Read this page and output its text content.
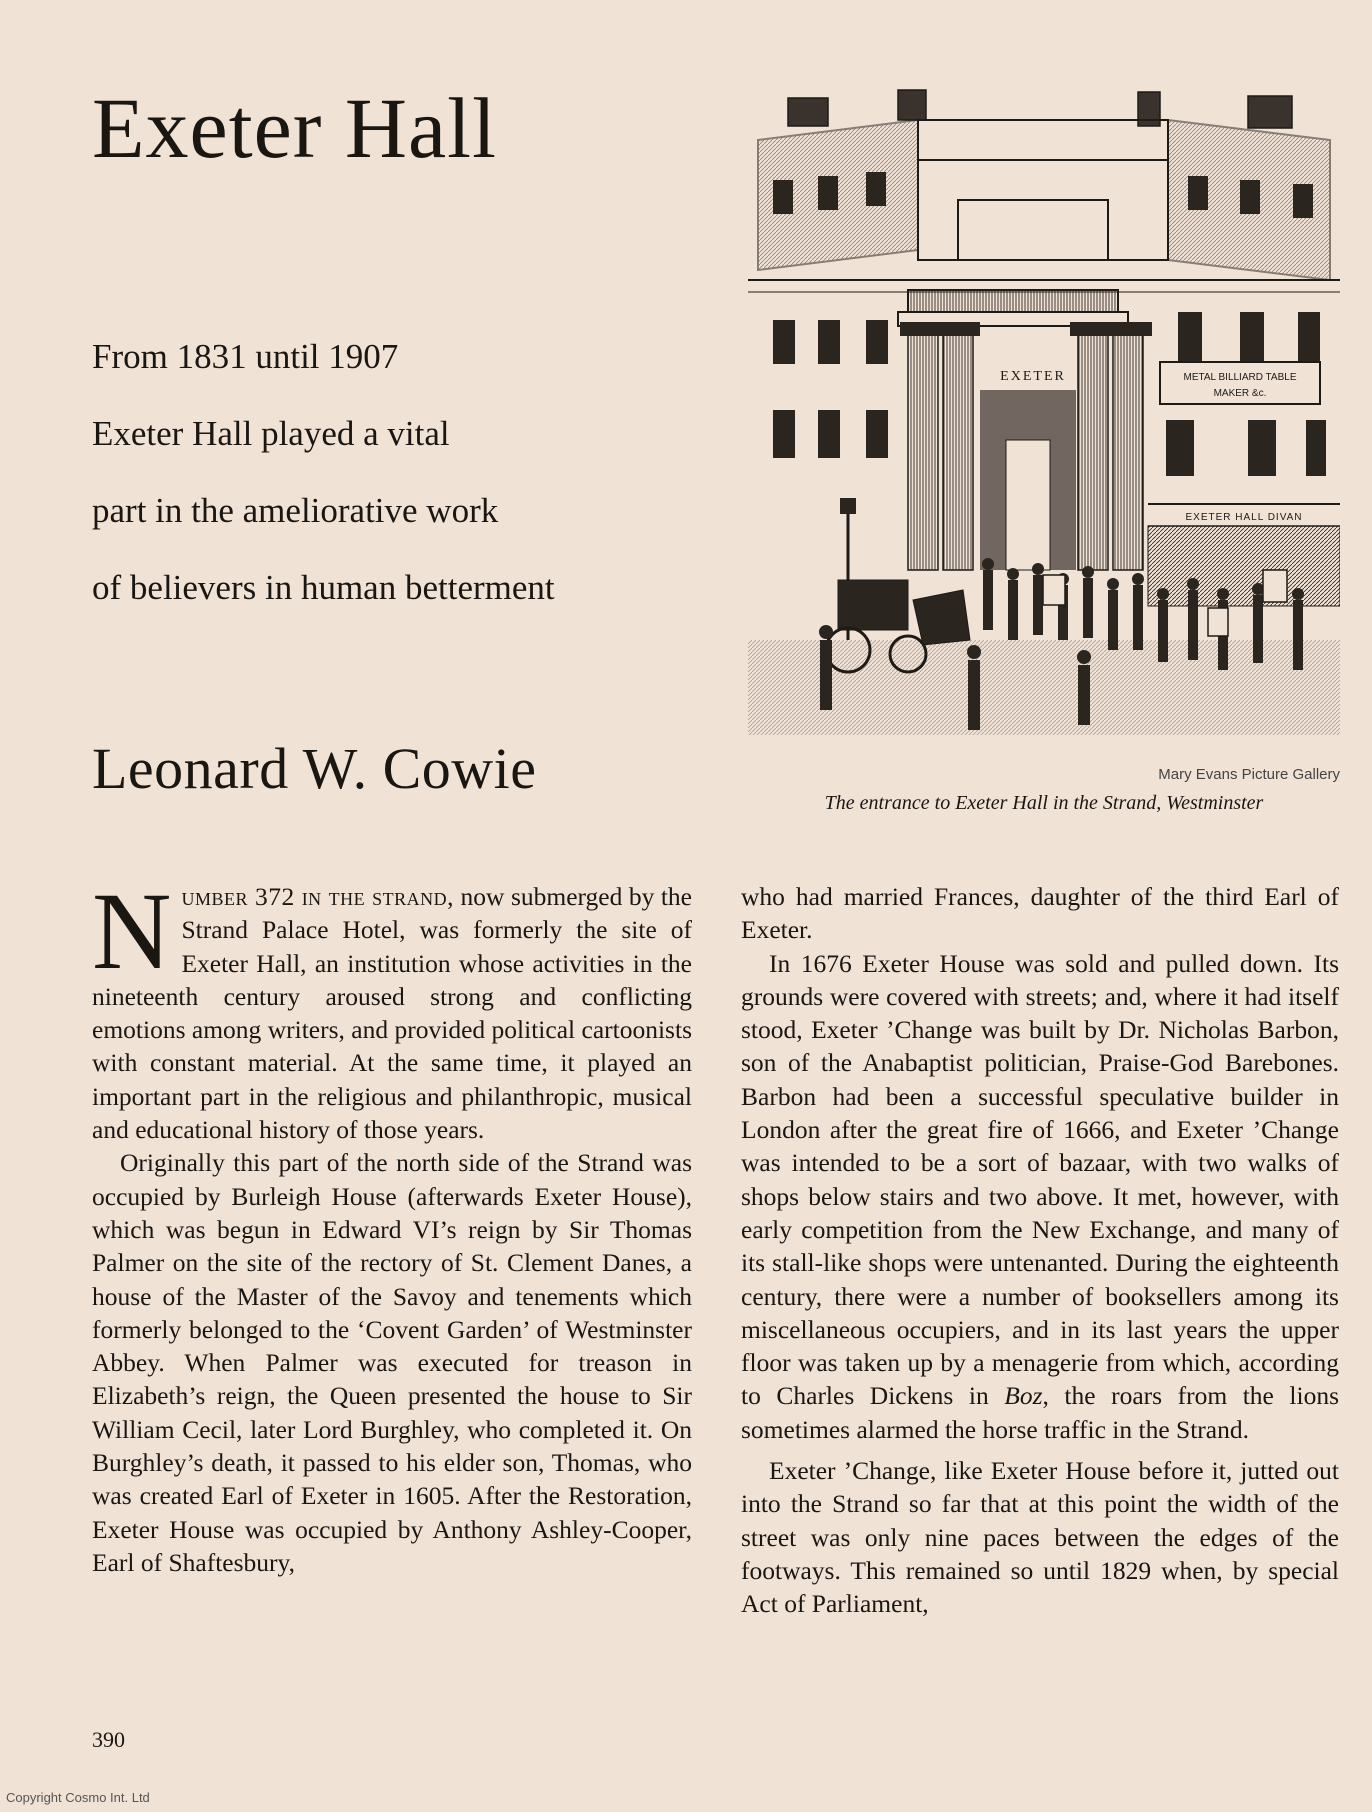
Exeter Hall
From 1831 until 1907
Exeter Hall played a vital
part in the ameliorative work
of believers in human betterment
Leonard W. Cowie
EXETER	METAL BILLIARD TABLE
MAKER &c.
EXETER HALL DIVAN
Mary Evans Picture Gallery
The entrance to Exeter Hall in the Strand, Westminster

Number 372 in the strand, now submerged by the Strand Palace Hotel, was formerly the site of Exeter Hall, an institution whose activities in the nineteenth century aroused strong and conflicting emotions among writers, and provided political cartoonists with constant material. At the same time, it played an important part in the religious and philanthropic, musical and educational history of those years.

Originally this part of the north side of the Strand was occupied by Burleigh House (afterwards Exeter House), which was begun in Edward VI’s reign by Sir Thomas Palmer on the site of the rectory of St. Clement Danes, a house of the Master of the Savoy and tenements which formerly belonged to the ‘Covent Garden’ of Westminster Abbey. When Palmer was executed for treason in Elizabeth’s reign, the Queen presented the house to Sir William Cecil, later Lord Burghley, who completed it. On Burghley’s death, it passed to his elder son, Thomas, who was created Earl of Exeter in 1605. After the Restoration, Exeter House was occupied by Anthony Ashley-Cooper, Earl of Shaftesbury,

who had married Frances, daughter of the third Earl of Exeter.

In 1676 Exeter House was sold and pulled down. Its grounds were covered with streets; and, where it had itself stood, Exeter ’Change was built by Dr. Nicholas Barbon, son of the Anabaptist politician, Praise-God Barebones. Barbon had been a successful speculative builder in London after the great fire of 1666, and Exeter ’Change was intended to be a sort of bazaar, with two walks of shops below stairs and two above. It met, however, with early competition from the New Exchange, and many of its stall-like shops were untenanted. During the eighteenth century, there were a number of booksellers among its miscellaneous occupiers, and in its last years the upper floor was taken up by a menagerie from which, according to Charles Dickens in Boz, the roars from the lions sometimes alarmed the horse traffic in the Strand.

Exeter ’Change, like Exeter House before it, jutted out into the Strand so far that at this point the width of the street was only nine paces between the edges of the footways. This remained so until 1829 when, by special Act of Parliament,

390
Copyright Cosmo Int. Ltd
